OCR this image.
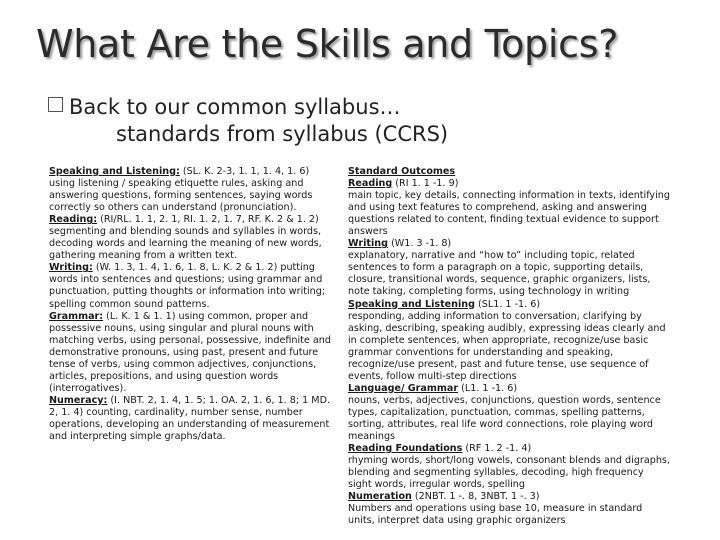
What Are the Skills and Topics?
Back to our common syllabus…
standards from syllabus (CCRS)

Speaking and Listening: (SL. K. 2-3, 1. 1, 1. 4, 1. 6) using listening / speaking etiquette rules, asking and answering questions, forming sentences, saying words correctly so others can understand (pronunciation).

Reading: (RI/RL. 1. 1, 2. 1, RI. 1. 2, 1. 7, RF. K. 2 & 1. 2) segmenting and blending sounds and syllables in words, decoding words and learning the meaning of new words, gathering meaning from a written text.

Writing: (W. 1. 3, 1. 4, 1. 6, 1. 8, L. K. 2 & 1. 2) putting words into sentences and questions; using grammar and punctuation, putting thoughts or information into writing; spelling common sound patterns.

Grammar: (L. K. 1 & 1. 1) using common, proper and possessive nouns, using singular and plural nouns with matching verbs, using personal, possessive, indefinite and demonstrative pronouns, using past, present and future tense of verbs, using common adjectives, conjunctions, articles, prepositions, and using question words (interrogatives).

Numeracy: (I. NBT. 2, 1. 4, 1. 5; 1. OA. 2, 1. 6, 1. 8; 1 MD. 2, 1. 4) counting, cardinality, number sense, number operations, developing an understanding of measurement and interpreting simple graphs/data.

Standard Outcomes

Reading (RI 1. 1 -1. 9)

main topic, key details, connecting information in texts, identifying and using text features to comprehend, asking and answering questions related to content, finding textual evidence to support answers

Writing (W1. 3 -1. 8)

explanatory, narrative and “how to” including topic, related sentences to form a paragraph on a topic, supporting details, closure, transitional words, sequence, graphic organizers, lists, note taking, completing forms, using technology in writing

Speaking and Listening (SL1. 1 -1. 6)

responding, adding information to conversation, clarifying by asking, describing, speaking audibly, expressing ideas clearly and in complete sentences, when appropriate, recognize/use basic grammar conventions for understanding and speaking, recognize/use present, past and future tense, use sequence of events, follow multi-step directions

Language/ Grammar (L1. 1 -1. 6)

nouns, verbs, adjectives, conjunctions, question words, sentence types, capitalization, punctuation, commas, spelling patterns, sorting, attributes, real life word connections, role playing word meanings

Reading Foundations (RF 1. 2 -1. 4)

rhyming words, short/long vowels, consonant blends and digraphs, blending and segmenting syllables, decoding, high frequency sight words, irregular words, spelling

Numeration (2NBT. 1 -. 8, 3NBT. 1 -. 3)

Numbers and operations using base 10, measure in standard units, interpret data using graphic organizers
